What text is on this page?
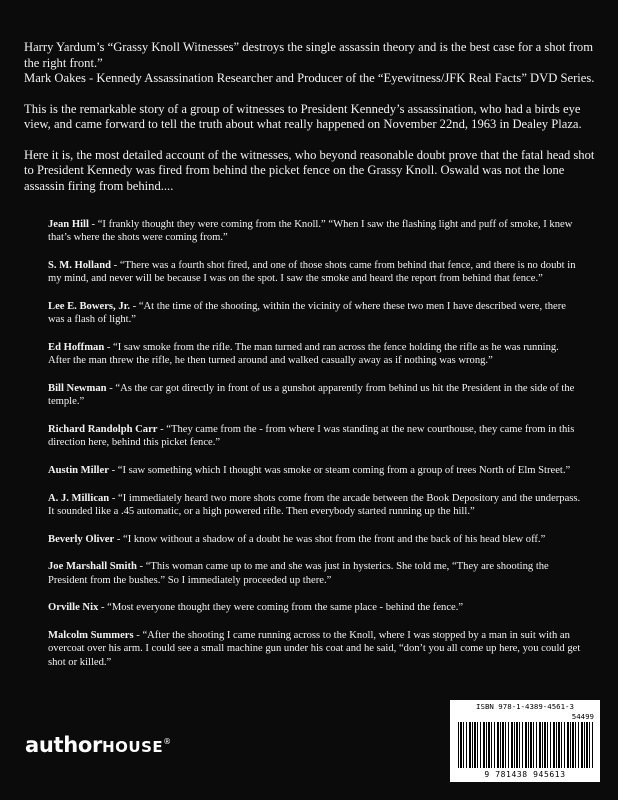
Harry Yardum’s “Grassy Knoll Witnesses” destroys the single assassin theory and is the best case for a shot from the right front.”

Mark Oakes - Kennedy Assassination Researcher and Producer of the “Eyewitness/JFK Real Facts” DVD Series.

This is the remarkable story of a group of witnesses to President Kennedy’s assassination, who had a birds eye view, and came forward to tell the truth about what really happened on November 22nd, 1963 in Dealey Plaza.

Here it is, the most detailed account of the witnesses, who beyond reasonable doubt prove that the fatal head shot to President Kennedy was fired from behind the picket fence on the Grassy Knoll. Oswald was not the lone assassin firing from behind....

Jean Hill - “I frankly thought they were coming from the Knoll.” “When I saw the flashing light and puff of smoke, I knew that’s where the shots were coming from.”
S. M. Holland - “There was a fourth shot fired, and one of those shots came from behind that fence, and there is no doubt in my mind, and never will be because I was on the spot. I saw the smoke and heard the report from behind that fence.”
Lee E. Bowers, Jr. - “At the time of the shooting, within the vicinity of where these two men I have described were, there was a flash of light.”
Ed Hoffman - “I saw smoke from the rifle. The man turned and ran across the fence holding the rifle as he was running. After the man threw the rifle, he then turned around and walked casually away as if nothing was wrong.”
Bill Newman - “As the car got directly in front of us a gunshot apparently from behind us hit the President in the side of the temple.”
Richard Randolph Carr - “They came from the - from where I was standing at the new courthouse, they came from in this direction here, behind this picket fence.”
Austin Miller - “I saw something which I thought was smoke or steam coming from a group of trees North of Elm Street.”
A. J. Millican - “I immediately heard two more shots come from the arcade between the Book Depository and the underpass. It sounded like a .45 automatic, or a high powered rifle. Then everybody started running up the hill.”
Beverly Oliver - “I know without a shadow of a doubt he was shot from the front and the back of his head blew off.”
Joe Marshall Smith - “This woman came up to me and she was just in hysterics. She told me, “They are shooting the President from the bushes.” So I immediately proceeded up there.”
Orville Nix - “Most everyone thought they were coming from the same place - behind the fence.”
Malcolm Summers - “After the shooting I came running across to the Knoll, where I was stopped by a man in suit with an overcoat over his arm. I could see a small machine gun under his coat and he said, “don’t you all come up here, you could get shot or killed.”
authorHOUSE®
ISBN 978-1-4389-4561-3
54499
9 781438 945613
